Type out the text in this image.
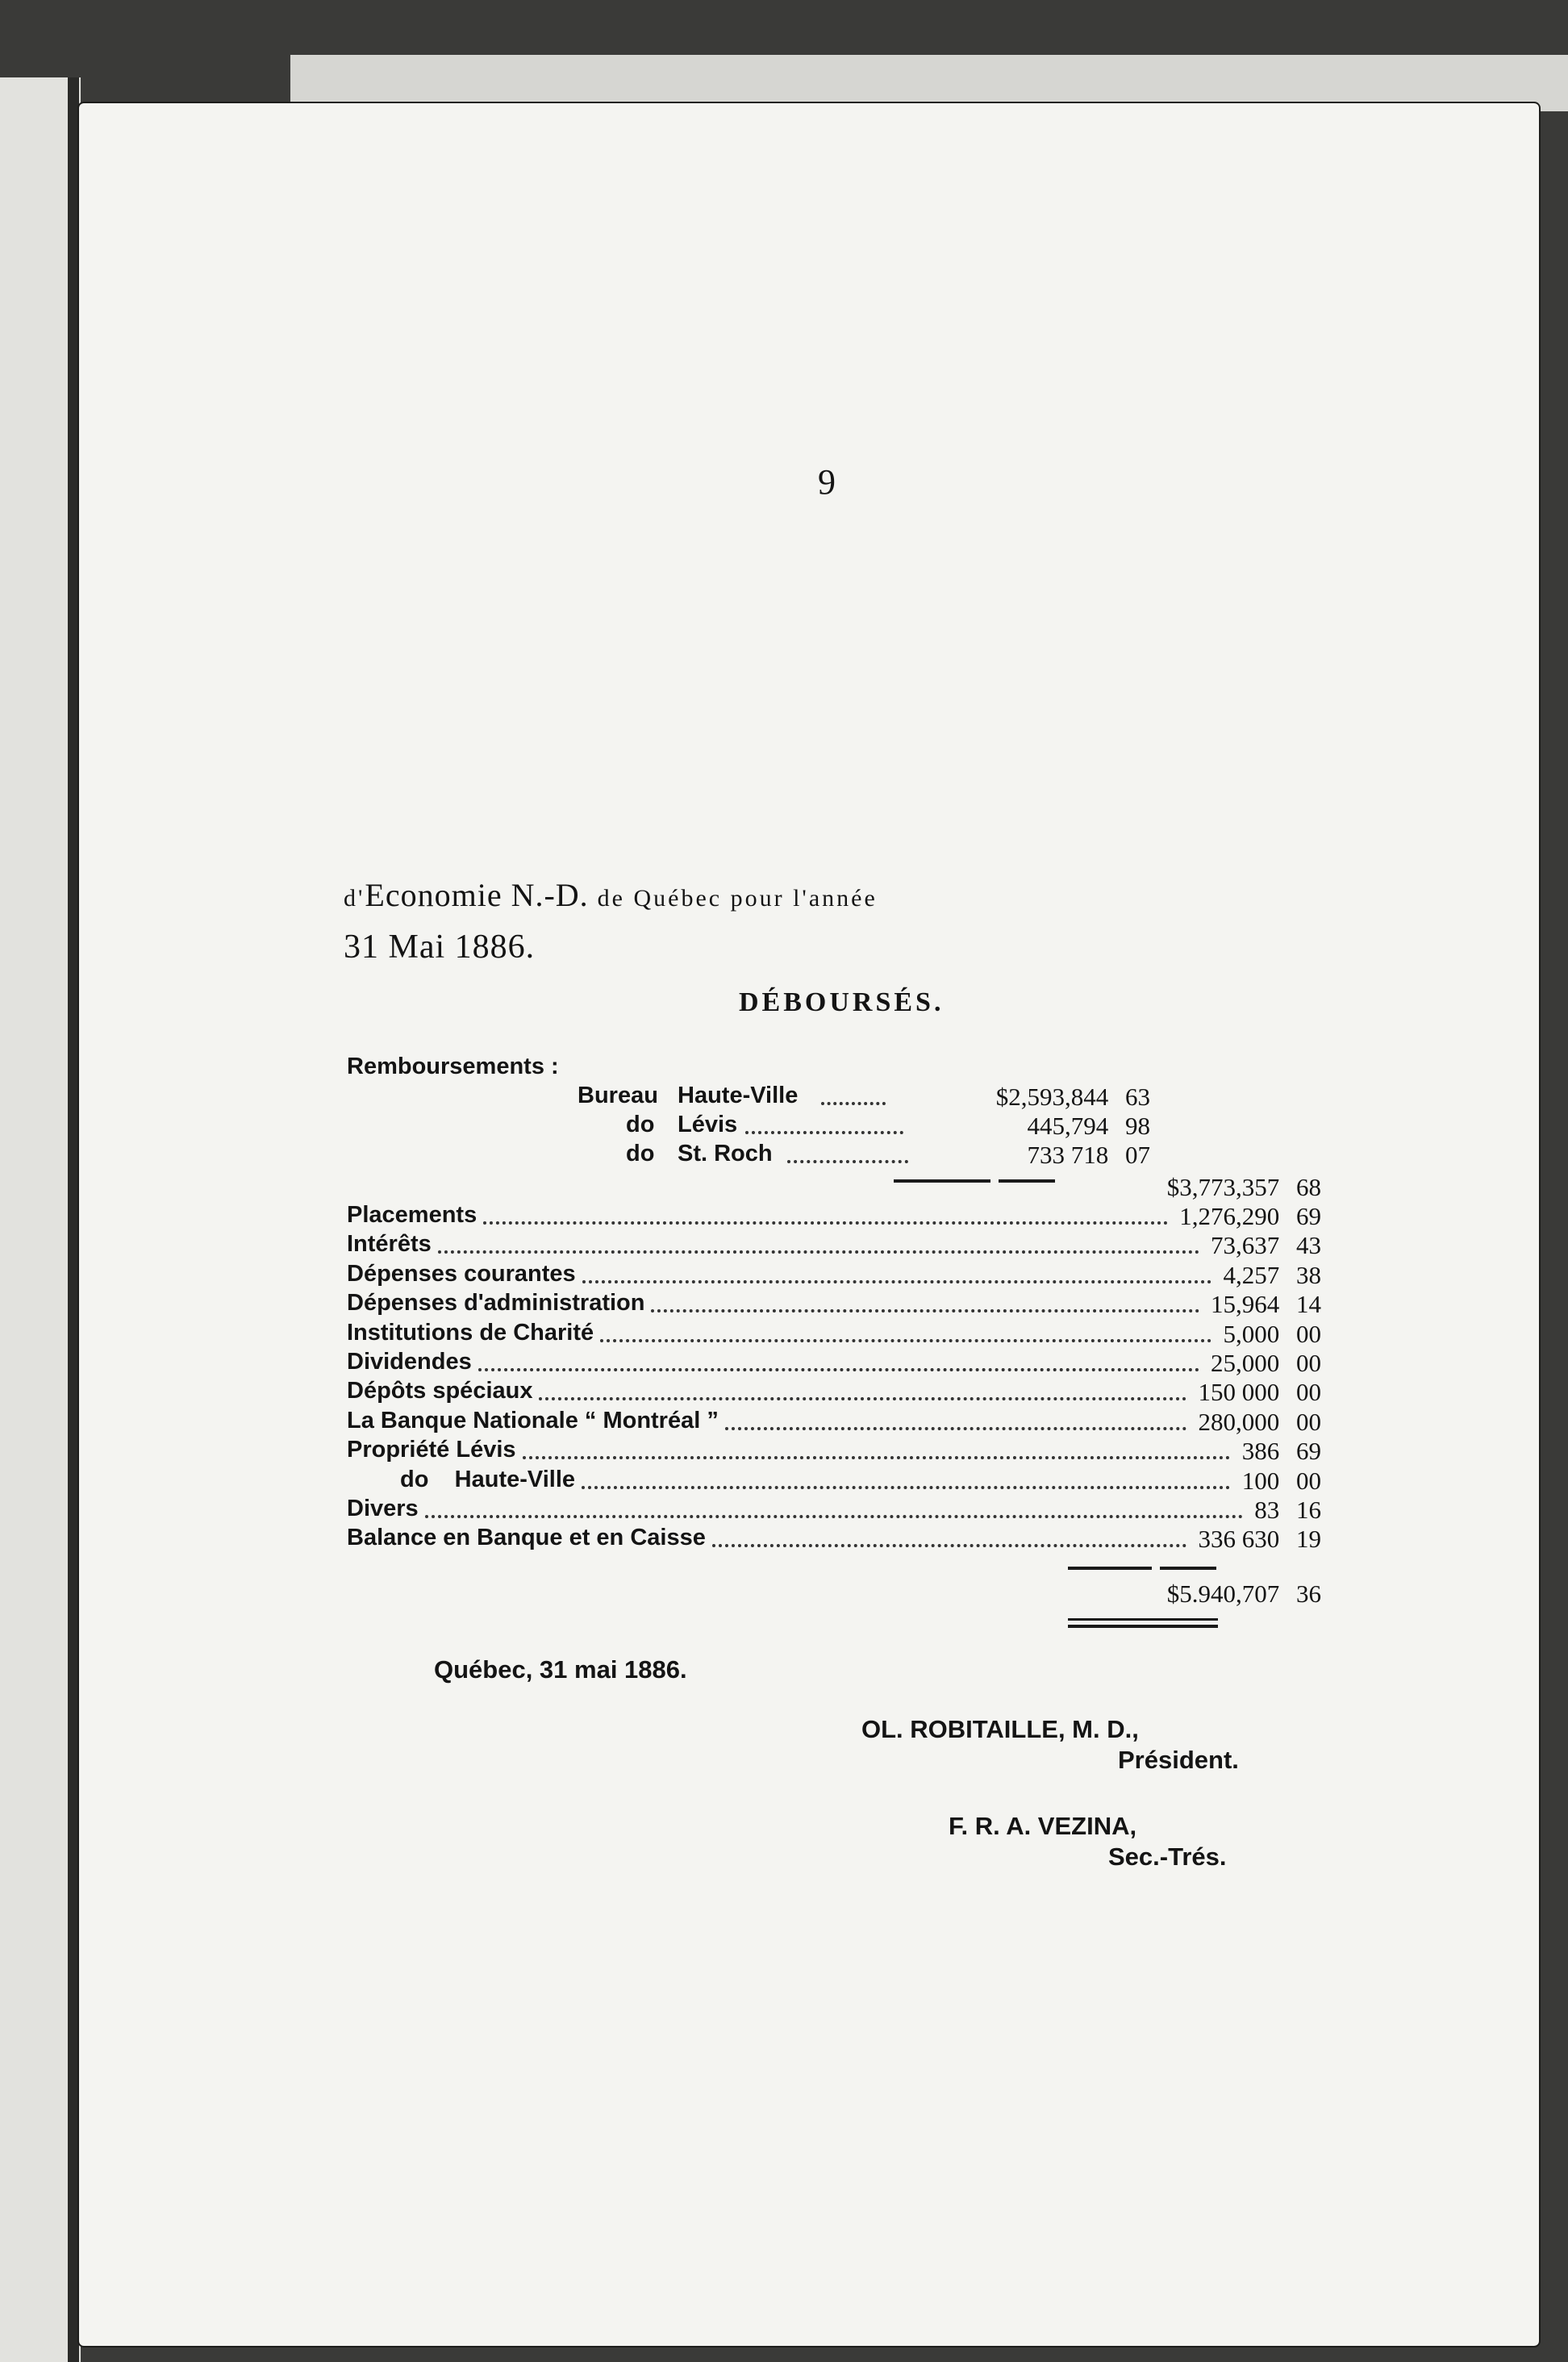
9
d'Economie N.-D. de Québec pour l'année
31 Mai 1886.
DÉBOURSÉS.
Remboursements :
Bureau Haute-Ville	$2,593,844 63
do Lévis	445,794 98
do St. Roch	733 718 07
$3,773,357 68
Placements	1,276,290 69
Intérêts	73,637 43
Dépenses courantes	4,257 38
Dépenses d'administration	15,964 14
Institutions de Charité	5,000 00
Dividendes	25,000 00
Dépôts spéciaux	150 000 00
La Banque Nationale “ Montréal ”	280,000 00
Propriété Lévis	386 69
do    Haute-Ville	100 00
Divers	83 16
Balance en Banque et en Caisse	336 630 19
$5.940,707 36
Québec, 31 mai 1886.
OL. ROBITAILLE, M. D.,
Président.
F. R. A. VEZINA,
Sec.-Trés.
